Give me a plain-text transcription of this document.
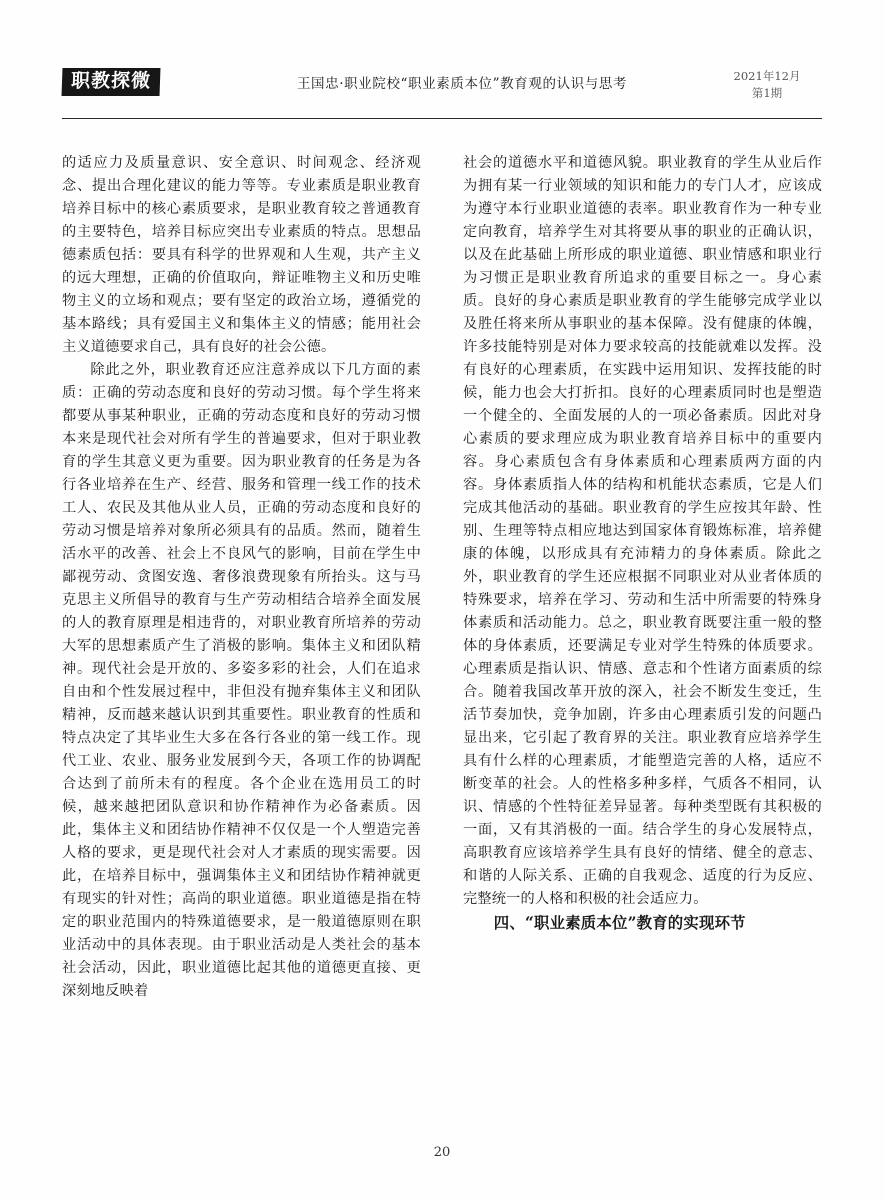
职教探微	王国忠·职业院校“职业素质本位”教育观的认识与思考	2021年12月
第1期

的适应力及质量意识、安全意识、时间观念、经济观念、提出合理化建议的能力等等。专业素质是职业教育培养目标中的核心素质要求，是职业教育较之普通教育的主要特色，培养目标应突出专业素质的特点。思想品德素质包括：要具有科学的世界观和人生观，共产主义的远大理想，正确的价值取向，辩证唯物主义和历史唯物主义的立场和观点；要有坚定的政治立场，遵循党的基本路线；具有爱国主义和集体主义的情感；能用社会主义道德要求自己，具有良好的社会公德。

除此之外，职业教育还应注意养成以下几方面的素质：正确的劳动态度和良好的劳动习惯。每个学生将来都要从事某种职业，正确的劳动态度和良好的劳动习惯本来是现代社会对所有学生的普遍要求，但对于职业教育的学生其意义更为重要。因为职业教育的任务是为各行各业培养在生产、经营、服务和管理一线工作的技术工人、农民及其他从业人员，正确的劳动态度和良好的劳动习惯是培养对象所必须具有的品质。然而，随着生活水平的改善、社会上不良风气的影响，目前在学生中鄙视劳动、贪图安逸、奢侈浪费现象有所抬头。这与马克思主义所倡导的教育与生产劳动相结合培养全面发展的人的教育原理是相违背的，对职业教育所培养的劳动大军的思想素质产生了消极的影响。集体主义和团队精神。现代社会是开放的、多姿多彩的社会，人们在追求自由和个性发展过程中，非但没有抛弃集体主义和团队精神，反而越来越认识到其重要性。职业教育的性质和特点决定了其毕业生大多在各行各业的第一线工作。现代工业、农业、服务业发展到今天，各项工作的协调配合达到了前所未有的程度。各个企业在选用员工的时候，越来越把团队意识和协作精神作为必备素质。因此，集体主义和团结协作精神不仅仅是一个人塑造完善人格的要求，更是现代社会对人才素质的现实需要。因此，在培养目标中，强调集体主义和团结协作精神就更有现实的针对性；高尚的职业道德。职业道德是指在特定的职业范围内的特殊道德要求，是一般道德原则在职业活动中的具体表现。由于职业活动是人类社会的基本社会活动，因此，职业道德比起其他的道德更直接、更深刻地反映着

社会的道德水平和道德风貌。职业教育的学生从业后作为拥有某一行业领域的知识和能力的专门人才，应该成为遵守本行业职业道德的表率。职业教育作为一种专业定向教育，培养学生对其将要从事的职业的正确认识，以及在此基础上所形成的职业道德、职业情感和职业行为习惯正是职业教育所追求的重要目标之一。身心素质。良好的身心素质是职业教育的学生能够完成学业以及胜任将来所从事职业的基本保障。没有健康的体魄，许多技能特别是对体力要求较高的技能就难以发挥。没有良好的心理素质，在实践中运用知识、发挥技能的时候，能力也会大打折扣。良好的心理素质同时也是塑造一个健全的、全面发展的人的一项必备素质。因此对身心素质的要求理应成为职业教育培养目标中的重要内容。身心素质包含有身体素质和心理素质两方面的内容。身体素质指人体的结构和机能状态素质，它是人们完成其他活动的基础。职业教育的学生应按其年龄、性别、生理等特点相应地达到国家体育锻炼标准，培养健康的体魄，以形成具有充沛精力的身体素质。除此之外，职业教育的学生还应根据不同职业对从业者体质的特殊要求，培养在学习、劳动和生活中所需要的特殊身体素质和活动能力。总之，职业教育既要注重一般的整体的身体素质，还要满足专业对学生特殊的体质要求。心理素质是指认识、情感、意志和个性诸方面素质的综合。随着我国改革开放的深入，社会不断发生变迁，生活节奏加快，竞争加剧，许多由心理素质引发的问题凸显出来，它引起了教育界的关注。职业教育应培养学生具有什么样的心理素质，才能塑造完善的人格，适应不断变革的社会。人的性格多种多样，气质各不相同，认识、情感的个性特征差异显著。每种类型既有其积极的一面，又有其消极的一面。结合学生的身心发展特点，高职教育应该培养学生具有良好的情绪、健全的意志、和谐的人际关系、正确的自我观念、适度的行为反应、完整统一的人格和积极的社会适应力。

四、“职业素质本位”教育的实现环节

20
